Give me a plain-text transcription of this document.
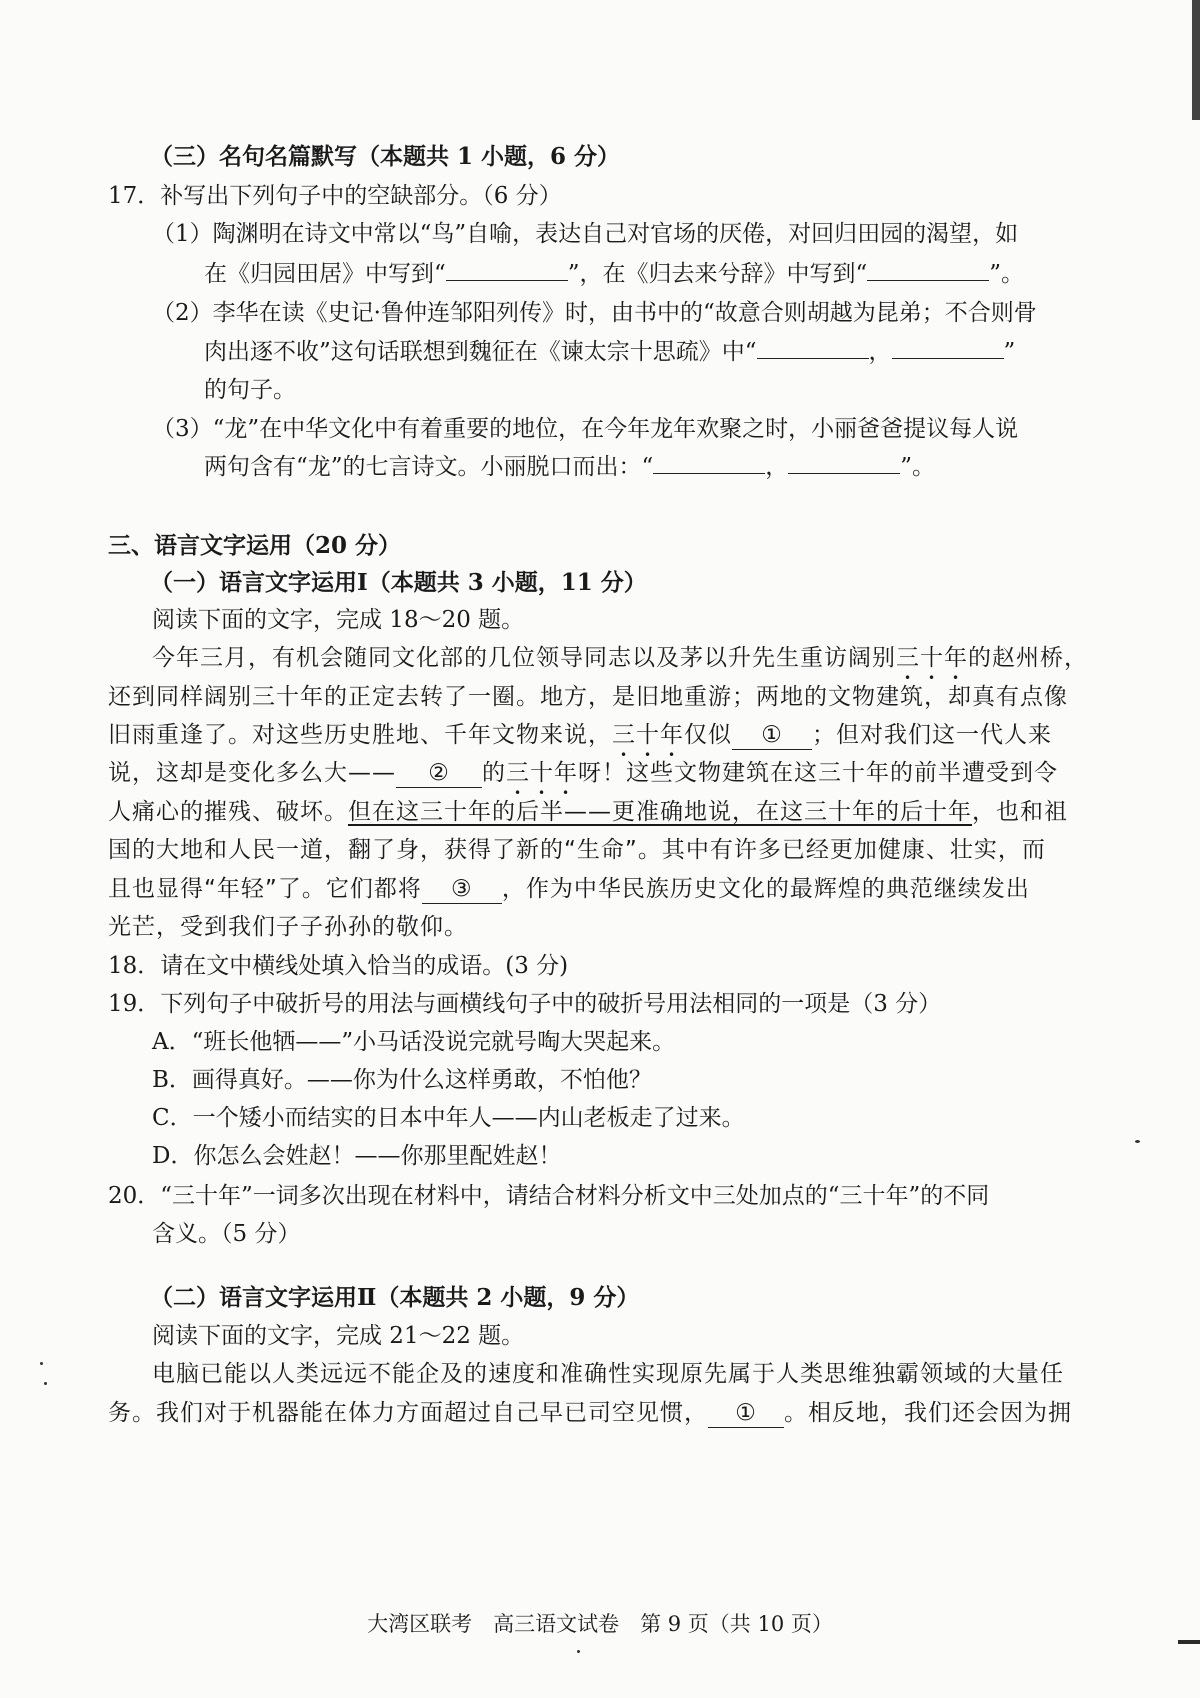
（三）名句名篇默写（本题共 1 小题，6 分）
17．补写出下列句子中的空缺部分。（6 分）
（1）陶渊明在诗文中常以“鸟”自喻，表达自己对官场的厌倦，对回归田园的渴望，如
在《归园田居》中写到“	”，在《归去来兮辞》中写到“	”。
（2）李华在读《史记·鲁仲连邹阳列传》时，由书中的“故意合则胡越为昆弟；不合则骨
肉出逐不收”这句话联想到魏征在《谏太宗十思疏》中“	，	”
的句子。
（3）“龙”在中华文化中有着重要的地位，在今年龙年欢聚之时，小丽爸爸提议每人说
两句含有“龙”的七言诗文。小丽脱口而出：“	，	”。
三、语言文字运用（20 分）
（一）语言文字运用Ⅰ（本题共 3 小题，11 分）
阅读下面的文字，完成 18～20 题。
今年三月，有机会随同文化部的几位领导同志以及茅以升先生重访阔别三十年的赵州桥，
还到同样阔别三十年的正定去转了一圈。地方，是旧地重游；两地的文物建筑，却真有点像
旧雨重逢了。对这些历史胜地、千年文物来说，三十年仅似 ① ；但对我们这一代人来
说，这却是变化多么大—— ② 的三十年呀！这些文物建筑在这三十年的前半遭受到令
人痛心的摧残、破坏。但在这三十年的后半——更准确地说，在这三十年的后十年，也和祖
国的大地和人民一道，翻了身，获得了新的“生命”。其中有许多已经更加健康、壮实，而
且也显得“年轻”了。它们都将 ③ ，作为中华民族历史文化的最辉煌的典范继续发出
光芒，受到我们子子孙孙的敬仰。
18．请在文中横线处填入恰当的成语。(3 分)
19．下列句子中破折号的用法与画横线句子中的破折号用法相同的一项是（3 分）
A．“班长他牺——”小马话没说完就号啕大哭起来。
B．画得真好。——你为什么这样勇敢，不怕他？
C．一个矮小而结实的日本中年人——内山老板走了过来。
D．你怎么会姓赵！——你那里配姓赵！
20．“三十年”一词多次出现在材料中，请结合材料分析文中三处加点的“三十年”的不同
含义。（5 分）
（二）语言文字运用Ⅱ（本题共 2 小题，9 分）
阅读下面的文字，完成 21～22 题。
电脑已能以人类远远不能企及的速度和准确性实现原先属于人类思维独霸领域的大量任
务。我们对于机器能在体力方面超过自己早已司空见惯， ① 。相反地，我们还会因为拥
大湾区联考　高三语文试卷　第 9 页（共 10 页）
